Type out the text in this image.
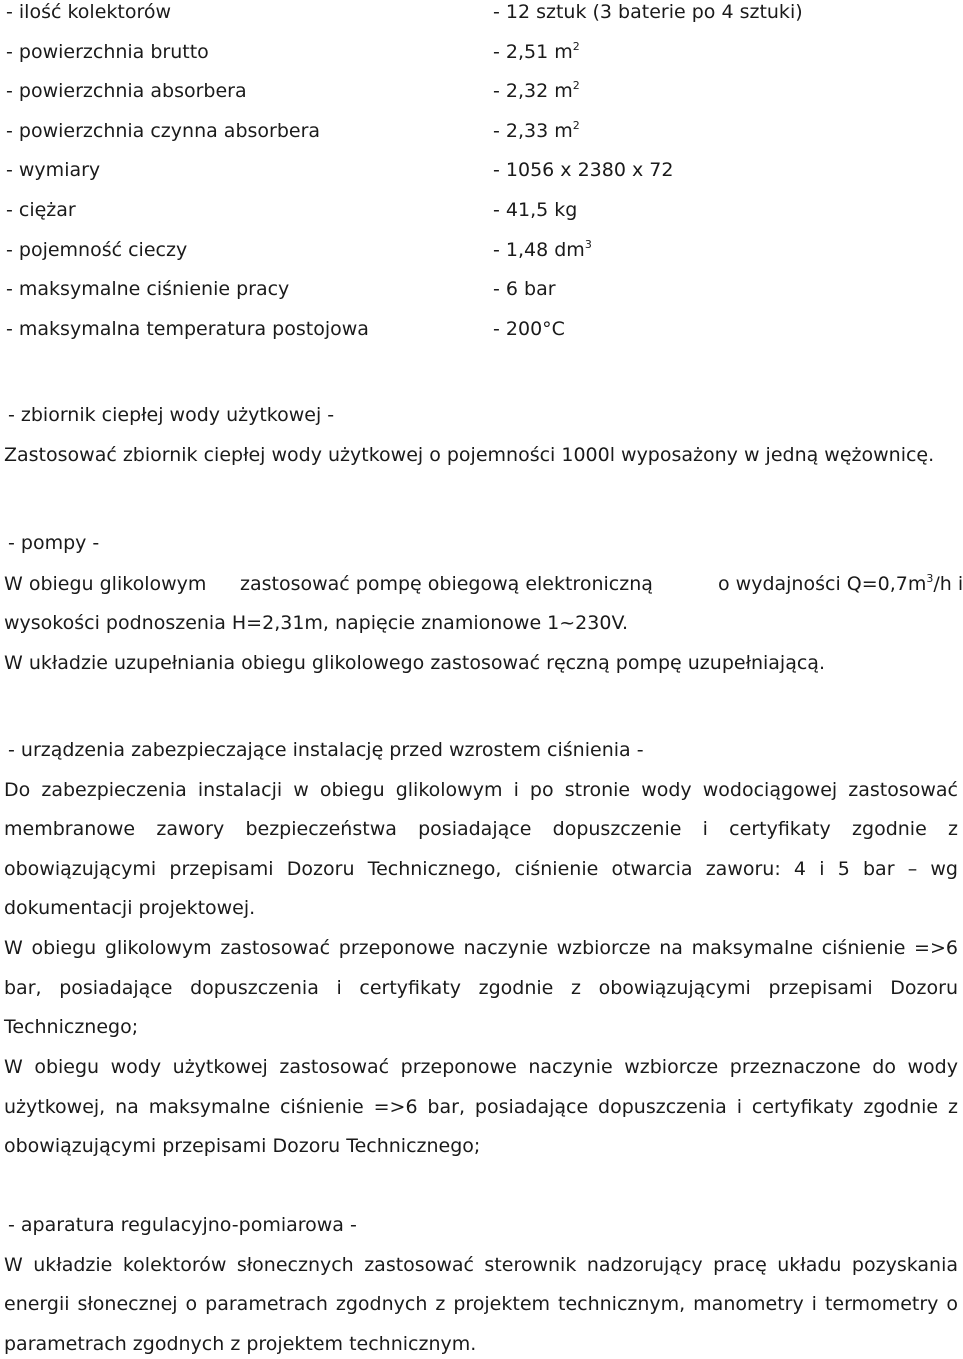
- ilość kolektorów	- 12 sztuk (3 baterie po 4 sztuki)
- powierzchnia brutto	- 2,51 $m^2$
- powierzchnia absorbera	- 2,32 $m^2$
- powierzchnia czynna absorbera	- 2,33 $m^2$
- wymiary	- 1056 x 2380 x 72
- ciężar	- 41,5 kg
- pojemność cieczy	- 1,48 $dm^3$
- maksymalne ciśnienie pracy	- 6 bar
- maksymalna temperatura postojowa	- 200°C
- zbiornik ciepłej wody użytkowej -
Zastosować zbiornik ciepłej wody użytkowej o pojemności 1000l wyposażony w jedną wężownicę.
- pompy -
W obiegu glikolowym zastosować pompę obiegową elektroniczną	o wydajności $Q=0,7m^3/h$ i
wysokości podnoszenia H=2,31m, napięcie znamionowe 1~230V.
W układzie uzupełniania obiegu glikolowego zastosować ręczną pompę uzupełniającą.
- urządzenia zabezpieczające instalację przed wzrostem ciśnienia -
Do zabezpieczenia instalacji w obiegu glikolowym i po stronie wody wodociągowej zastosować
membranowe zawory bezpieczeństwa posiadające dopuszczenie i certyfikaty zgodnie z
obowiązującymi przepisami Dozoru Technicznego, ciśnienie otwarcia zaworu: 4 i 5 bar – wg
dokumentacji projektowej.
W obiegu glikolowym zastosować przeponowe naczynie wzbiorcze na maksymalne ciśnienie =>6
bar, posiadające dopuszczenia i certyfikaty zgodnie z obowiązującymi przepisami Dozoru
Technicznego;
W obiegu wody użytkowej zastosować przeponowe naczynie wzbiorcze przeznaczone do wody
użytkowej, na maksymalne ciśnienie =>6 bar, posiadające dopuszczenia i certyfikaty zgodnie z
obowiązującymi przepisami Dozoru Technicznego;
- aparatura regulacyjno-pomiarowa -
W układzie kolektorów słonecznych zastosować sterownik nadzorujący pracę układu pozyskania
energii słonecznej o parametrach zgodnych z projektem technicznym, manometry i termometry o
parametrach zgodnych z projektem technicznym.
